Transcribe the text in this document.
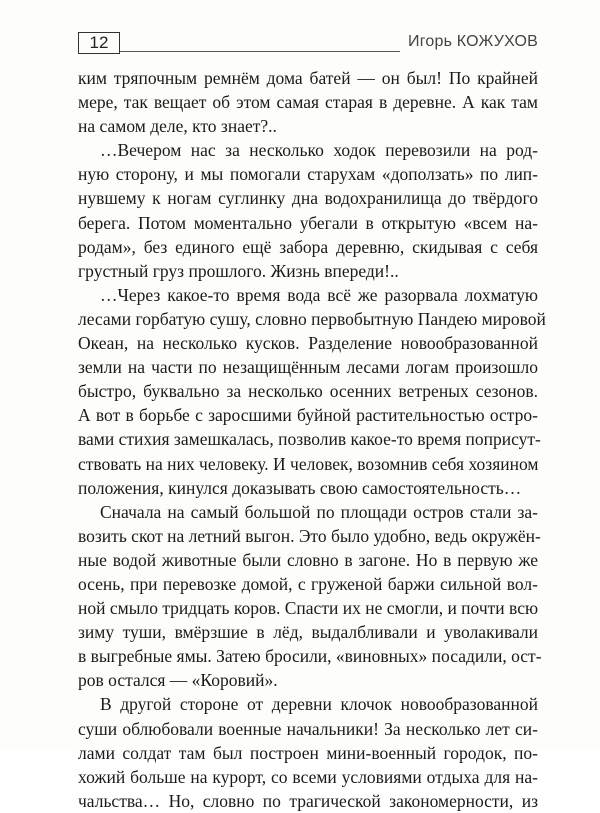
12	Игорь КОЖУХОВ
ким тряпочным ремнём дома батей — он был! По крайней
мере, так вещает об этом самая старая в деревне. А как там
на самом деле, кто знает?..
…Вечером нас за несколько ходок перевозили на род-
ную сторону, и мы помогали старухам «доползать» по лип-
нувшему к ногам суглинку дна водохранилища до твёрдого
берега. Потом моментально убегали в открытую «всем на-
родам», без единого ещё забора деревню, скидывая с себя
грустный груз прошлого. Жизнь впереди!..
…Через какое-то время вода всё же разорвала лохматую
лесами горбатую сушу, словно первобытную Пандею мировой
Океан, на несколько кусков. Разделение новообразованной
земли на части по незащищённым лесами логам произошло
быстро, буквально за несколько осенних ветреных сезонов.
А вот в борьбе с заросшими буйной растительностью остро-
вами стихия замешкалась, позволив какое-то время поприсут-
ствовать на них человеку. И человек, возомнив себя хозяином
положения, кинулся доказывать свою самостоятельность…
Сначала на самый большой по площади остров стали за-
возить скот на летний выгон. Это было удобно, ведь окружён-
ные водой животные были словно в загоне. Но в первую же
осень, при перевозке домой, с груженой баржи сильной вол-
ной смыло тридцать коров. Спасти их не смогли, и почти всю
зиму туши, вмёрзшие в лёд, выдалбливали и уволакивали
в выгребные ямы. Затею бросили, «виновных» посадили, ост-
ров остался — «Коровий».
В другой стороне от деревни клочок новообразованной
суши облюбовали военные начальники! За несколько лет си-
лами солдат там был построен мини-военный городок, по-
хожий больше на курорт, со всеми условиями отдыха для на-
чальства… Но, словно по трагической закономерности, из
